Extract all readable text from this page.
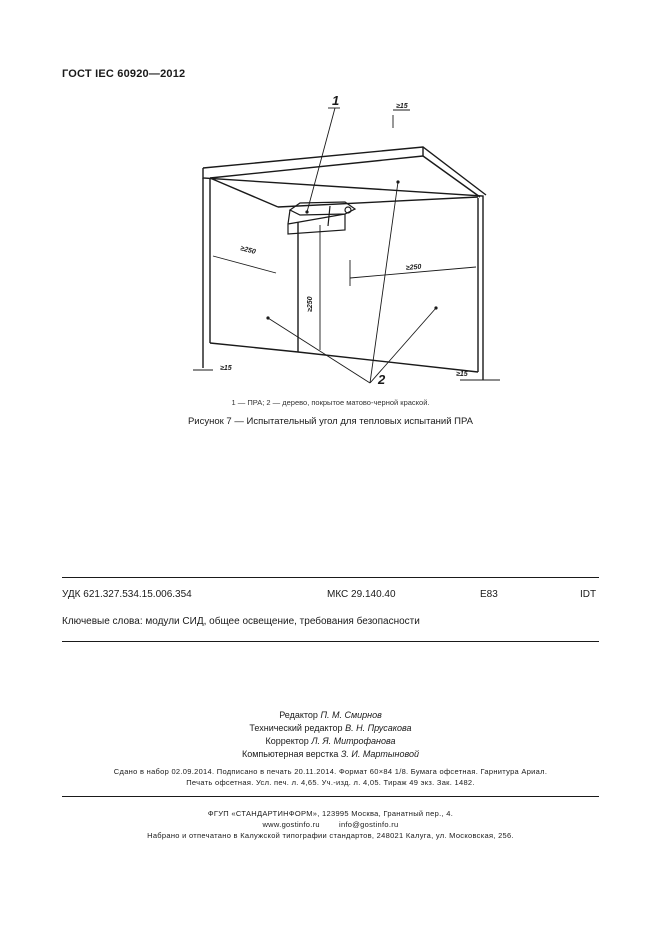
ГОСТ IEC 60920—2012
1
2
≥15
≥15
≥15
≥250
≥250
≥250
1 — ПРА; 2 — дерево, покрытое матово-черной краской.
Рисунок 7 — Испытательный угол для тепловых испытаний ПРА
УДК 621.327.534.15.006.354	МКС 29.140.40	Е83	IDT
Ключевые слова: модули СИД, общее освещение, требования безопасности
Редактор П. М. Смирнов
Технический редактор В. Н. Прусакова
Корректор Л. Я. Митрофанова
Компьютерная верстка З. И. Мартыновой
Сдано в набор 02.09.2014. Подписано в печать 20.11.2014. Формат 60×84 1/8. Бумага офсетная. Гарнитура Ариал.
Печать офсетная. Усл. печ. л. 4,65. Уч.-изд. л. 4,05. Тираж 49 экз. Зак. 1482.
ФГУП «СТАНДАРТИНФОРМ», 123995 Москва, Гранатный пер., 4.
www.gostinfo.ru        info@gostinfo.ru
Набрано и отпечатано в Калужской типографии стандартов, 248021 Калуга, ул. Московская, 256.
